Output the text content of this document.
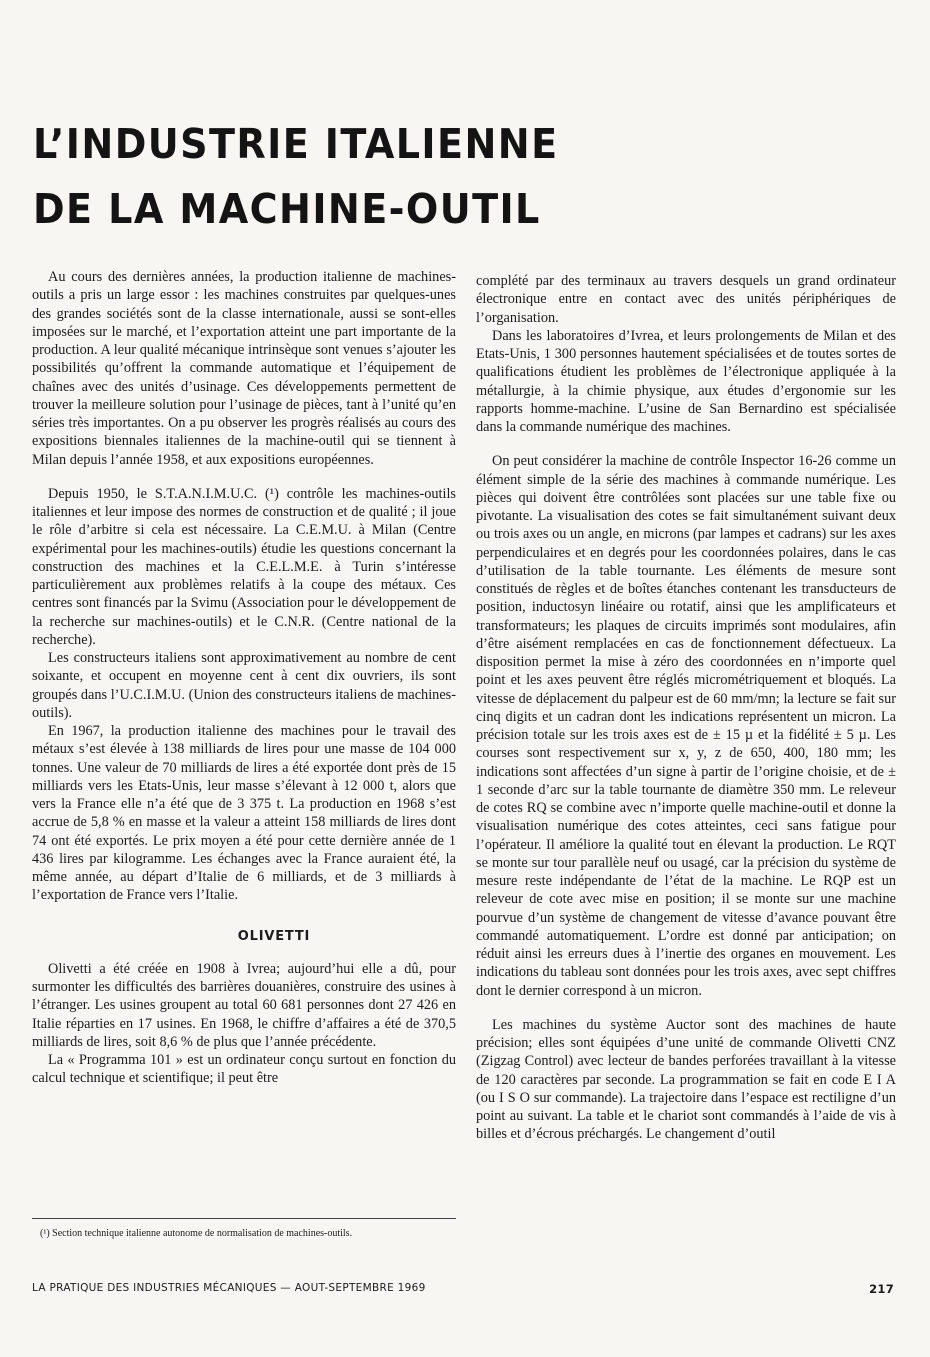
L’INDUSTRIE ITALIENNE
DE LA MACHINE-OUTIL

Au cours des dernières années, la production italienne de machines-outils a pris un large essor : les machines construites par quelques-unes des grandes sociétés sont de la classe internationale, aussi se sont-elles imposées sur le marché, et l’exportation atteint une part importante de la production. A leur qualité mécanique intrinsèque sont venues s’ajouter les possibilités qu’offrent la commande automatique et l’équipement de chaînes avec des unités d’usinage. Ces développements permettent de trouver la meilleure solution pour l’usinage de pièces, tant à l’unité qu’en séries très importantes. On a pu observer les progrès réalisés au cours des expositions biennales italiennes de la machine-outil qui se tiennent à Milan depuis l’année 1958, et aux expositions européennes.

Depuis 1950, le S.T.A.N.I.M.U.C. (¹) contrôle les machines-outils italiennes et leur impose des normes de construction et de qualité ; il joue le rôle d’arbitre si cela est nécessaire. La C.E.M.U. à Milan (Centre expérimental pour les machines-outils) étudie les questions concernant la construction des machines et la C.E.L.M.E. à Turin s’intéresse particulièrement aux problèmes relatifs à la coupe des métaux. Ces centres sont financés par la Svimu (Association pour le développement de la recherche sur machines-outils) et le C.N.R. (Centre national de la recherche).

Les constructeurs italiens sont approximativement au nombre de cent soixante, et occupent en moyenne cent à cent dix ouvriers, ils sont groupés dans l’U.C.I.M.U. (Union des constructeurs italiens de machines-outils).

En 1967, la production italienne des machines pour le travail des métaux s’est élevée à 138 milliards de lires pour une masse de 104 000 tonnes. Une valeur de 70 milliards de lires a été exportée dont près de 15 milliards vers les Etats-Unis, leur masse s’élevant à 12 000 t, alors que vers la France elle n’a été que de 3 375 t. La production en 1968 s’est accrue de 5,8 % en masse et la valeur a atteint 158 milliards de lires dont 74 ont été exportés. Le prix moyen a été pour cette dernière année de 1 436 lires par kilogramme. Les échanges avec la France auraient été, la même année, au départ d’Italie de 6 milliards, et de 3 milliards à l’exportation de France vers l’Italie.

OLIVETTI

Olivetti a été créée en 1908 à Ivrea; aujourd’hui elle a dû, pour surmonter les difficultés des barrières douanières, construire des usines à l’étranger. Les usines groupent au total 60 681 personnes dont 27 426 en Italie réparties en 17 usines. En 1968, le chiffre d’affaires a été de 370,5 milliards de lires, soit 8,6 % de plus que l’année précédente.

La « Programma 101 » est un ordinateur conçu surtout en fonction du calcul technique et scientifique; il peut être

(¹) Section technique italienne autonome de normalisation de machines-outils.

complété par des terminaux au travers desquels un grand ordinateur électronique entre en contact avec des unités périphériques de l’organisation.

Dans les laboratoires d’Ivrea, et leurs prolongements de Milan et des Etats-Unis, 1 300 personnes hautement spécialisées et de toutes sortes de qualifications étudient les problèmes de l’électronique appliquée à la métallurgie, à la chimie physique, aux études d’ergonomie sur les rapports homme-machine. L’usine de San Bernardino est spécialisée dans la commande numérique des machines.

On peut considérer la machine de contrôle Inspector 16-26 comme un élément simple de la série des machines à commande numérique. Les pièces qui doivent être contrôlées sont placées sur une table fixe ou pivotante. La visualisation des cotes se fait simultanément suivant deux ou trois axes ou un angle, en microns (par lampes et cadrans) sur les axes perpendiculaires et en degrés pour les coordonnées polaires, dans le cas d’utilisation de la table tournante. Les éléments de mesure sont constitués de règles et de boîtes étanches contenant les transducteurs de position, inductosyn linéaire ou rotatif, ainsi que les amplificateurs et transformateurs; les plaques de circuits imprimés sont modulaires, afin d’être aisément remplacées en cas de fonctionnement défectueux. La disposition permet la mise à zéro des coordonnées en n’importe quel point et les axes peuvent être réglés micrométriquement et bloqués. La vitesse de déplacement du palpeur est de 60 mm/mn; la lecture se fait sur cinq digits et un cadran dont les indications représentent un micron. La précision totale sur les trois axes est de ± 15 µ et la fidélité ± 5 µ. Les courses sont respectivement sur x, y, z de 650, 400, 180 mm; les indications sont affectées d’un signe à partir de l’origine choisie, et de ± 1 seconde d’arc sur la table tournante de diamètre 350 mm. Le releveur de cotes RQ se combine avec n’importe quelle machine-outil et donne la visualisation numérique des cotes atteintes, ceci sans fatigue pour l’opérateur. Il améliore la qualité tout en élevant la production. Le RQT se monte sur tour parallèle neuf ou usagé, car la précision du système de mesure reste indépendante de l’état de la machine. Le RQP est un releveur de cote avec mise en position; il se monte sur une machine pourvue d’un système de changement de vitesse d’avance pouvant être commandé automatiquement. L’ordre est donné par anticipation; on réduit ainsi les erreurs dues à l’inertie des organes en mouvement. Les indications du tableau sont données pour les trois axes, avec sept chiffres dont le dernier correspond à un micron.

Les machines du système Auctor sont des machines de haute précision; elles sont équipées d’une unité de commande Olivetti CNZ (Zigzag Control) avec lecteur de bandes perforées travaillant à la vitesse de 120 caractères par seconde. La programmation se fait en code E I A (ou I S O sur commande). La trajectoire dans l’espace est rectiligne d’un point au suivant. La table et le chariot sont commandés à l’aide de vis à billes et d’écrous préchargés. Le changement d’outil

LA PRATIQUE DES INDUSTRIES MÉCANIQUES — AOUT-SEPTEMBRE 1969	217
